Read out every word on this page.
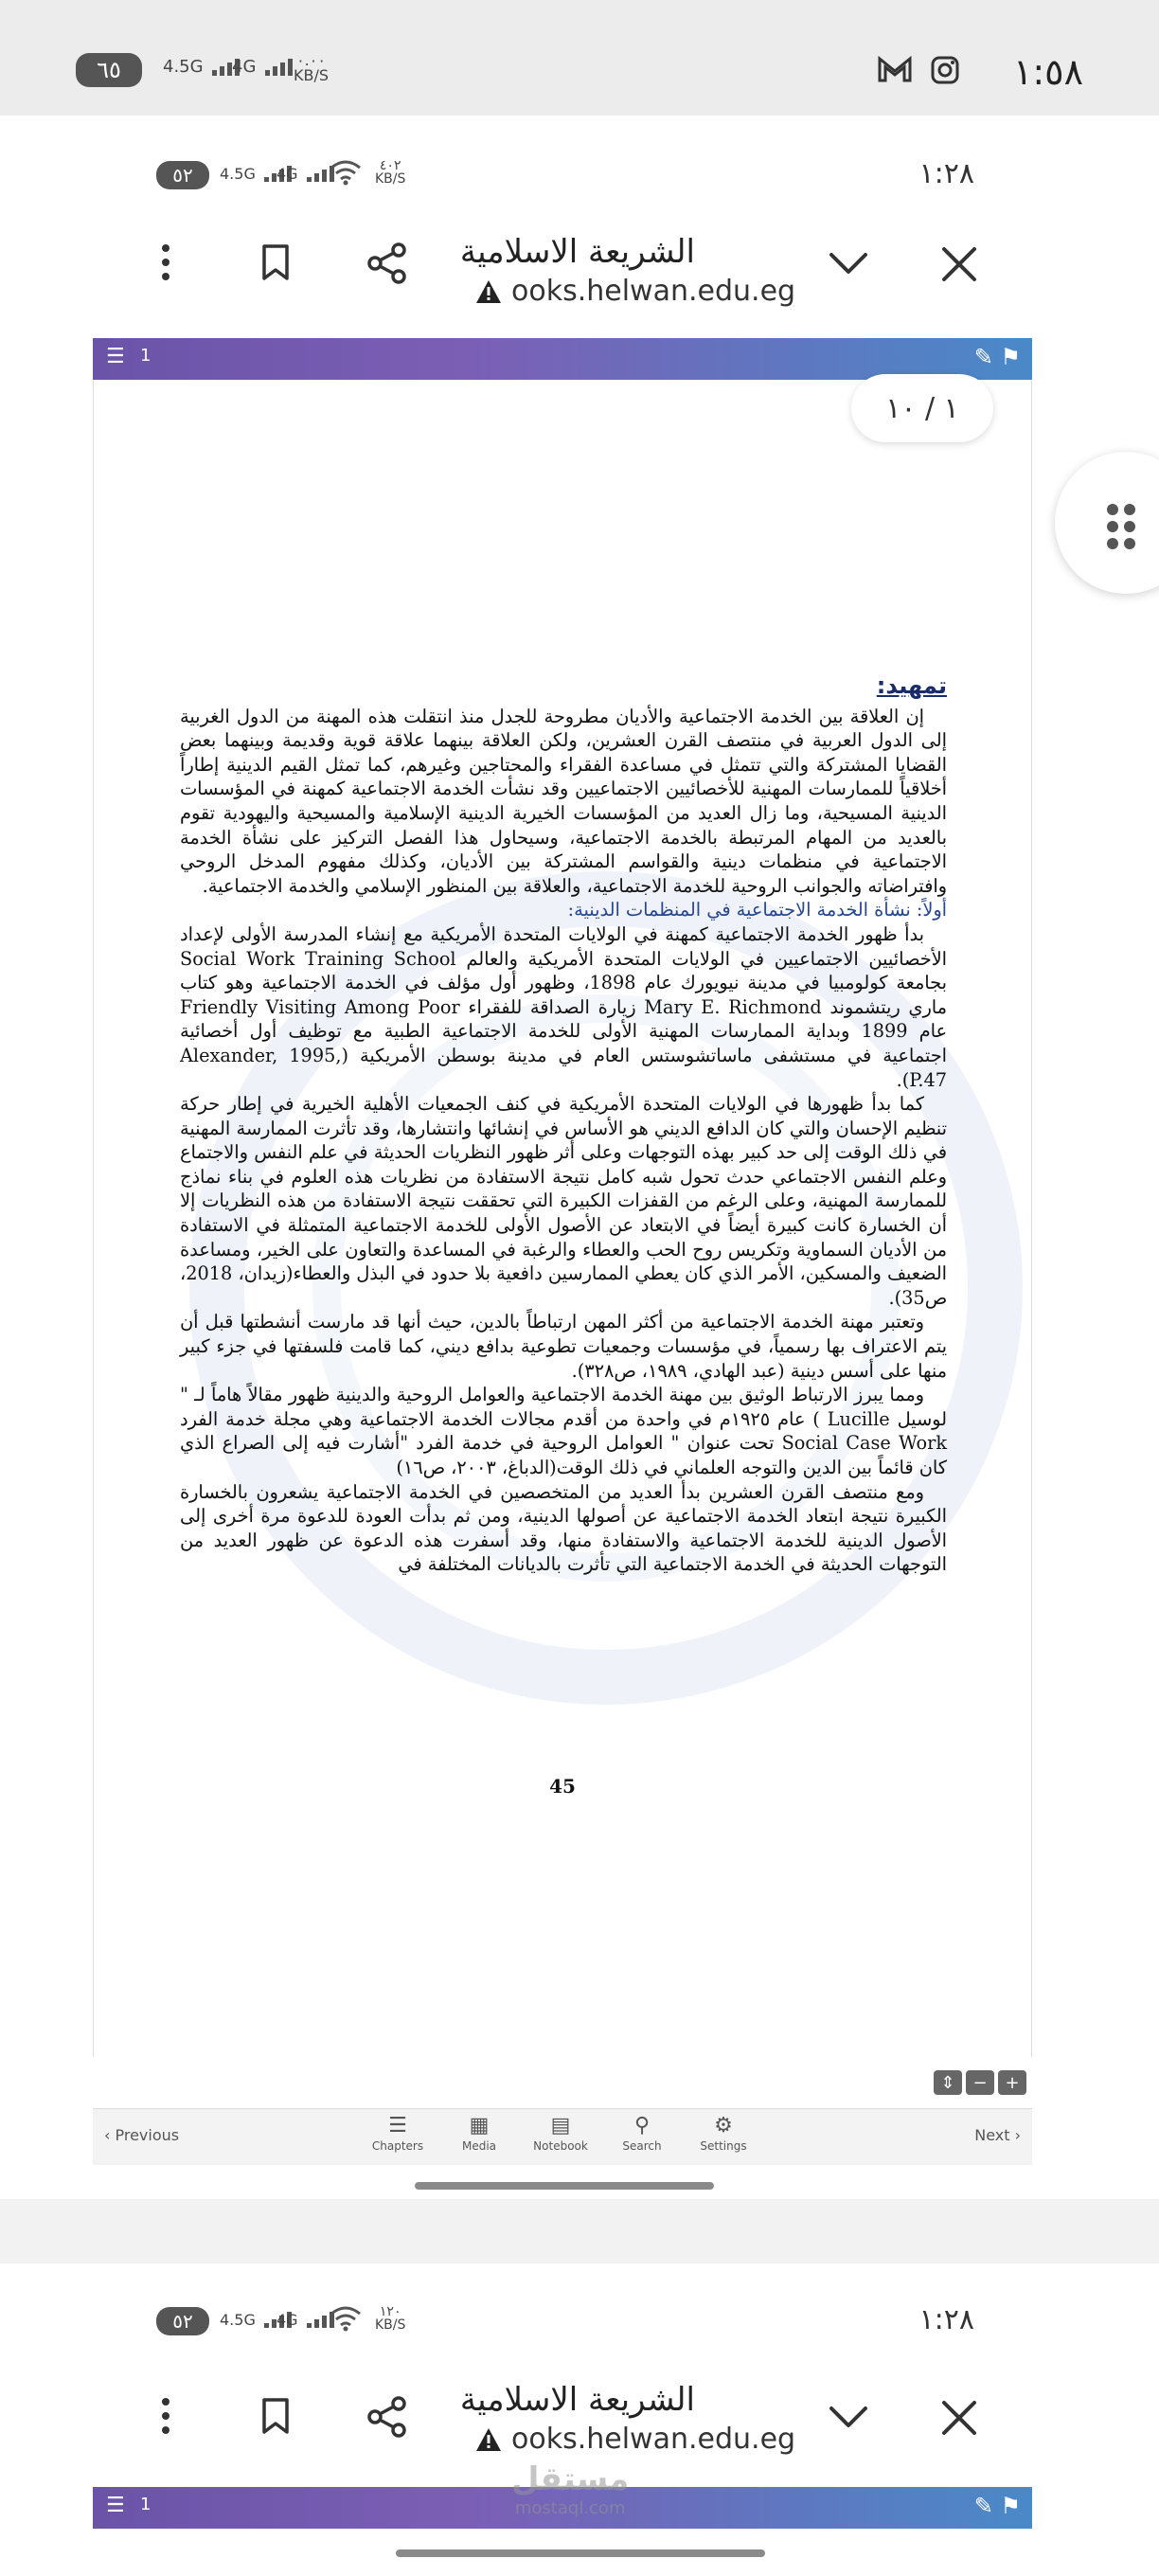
٦٥ 4.5G	4G	٠.٠٠
KB/S	١:٥٨
٥٢ 4.5G	4G	٤٠٢
KB/S	١:٢٨
الشريعة الاسلامية
ooks.helwan.edu.eg
☰ 1	✎ ⚑
١ / ١٠
تمهيد:

إن العلاقة بين الخدمة الاجتماعية والأديان مطروحة للجدل منذ انتقلت هذه المهنة من الدول الغربية إلى الدول العربية في منتصف القرن العشرين، ولكن العلاقة بينهما علاقة قوية وقديمة وبينهما بعض القضايا المشتركة والتي تتمثل في مساعدة الفقراء والمحتاجين وغيرهم، كما تمثل القيم الدينية إطاراً أخلاقياً للممارسات المهنية للأخصائيين الاجتماعيين وقد نشأت الخدمة الاجتماعية كمهنة في المؤسسات الدينية المسيحية، وما زال العديد من المؤسسات الخيرية الدينية الإسلامية والمسيحية واليهودية تقوم بالعديد من المهام المرتبطة بالخدمة الاجتماعية، وسيحاول هذا الفصل التركيز على نشأة الخدمة الاجتماعية في منظمات دينية والقواسم المشتركة بين الأديان، وكذلك مفهوم المدخل الروحي وافتراضاته والجوانب الروحية للخدمة الاجتماعية، والعلاقة بين المنظور الإسلامي والخدمة الاجتماعية.

أولاً: نشأة الخدمة الاجتماعية في المنظمات الدينية:

بدأ ظهور الخدمة الاجتماعية كمهنة في الولايات المتحدة الأمريكية مع إنشاء المدرسة الأولى لإعداد الأخصائيين الاجتماعيين في الولايات المتحدة الأمريكية والعالم Social Work Training School بجامعة كولومبيا في مدينة نيويورك عام 1898، وظهور أول مؤلف في الخدمة الاجتماعية وهو كتاب ماري ريتشموند Mary E. Richmond زيارة الصداقة للفقراء Friendly Visiting Among Poor عام 1899 وبداية الممارسات المهنية الأولى للخدمة الاجتماعية الطبية مع توظيف أول أخصائية اجتماعية في مستشفى ماساتشوستس العام في مدينة بوسطن الأمريكية (Alexander, 1995, P.47).

كما بدأ ظهورها في الولايات المتحدة الأمريكية في كنف الجمعيات الأهلية الخيرية في إطار حركة تنظيم الإحسان والتي كان الدافع الديني هو الأساس في إنشائها وانتشارها، وقد تأثرت الممارسة المهنية في ذلك الوقت إلى حد كبير بهذه التوجهات وعلى أثر ظهور النظريات الحديثة في علم النفس والاجتماع وعلم النفس الاجتماعي حدث تحول شبه كامل نتيجة الاستفادة من نظريات هذه العلوم في بناء نماذج للممارسة المهنية، وعلى الرغم من القفزات الكبيرة التي تحققت نتيجة الاستفادة من هذه النظريات إلا أن الخسارة كانت كبيرة أيضاً في الابتعاد عن الأصول الأولى للخدمة الاجتماعية المتمثلة في الاستفادة من الأديان السماوية وتكريس روح الحب والعطاء والرغبة في المساعدة والتعاون على الخير، ومساعدة الضعيف والمسكين، الأمر الذي كان يعطي الممارسين دافعية بلا حدود في البذل والعطاء(زيدان، 2018، ص35).

وتعتبر مهنة الخدمة الاجتماعية من أكثر المهن ارتباطاً بالدين، حيث أنها قد مارست أنشطتها قبل أن يتم الاعتراف بها رسمياً، في مؤسسات وجمعيات تطوعية بدافع ديني، كما قامت فلسفتها في جزء كبير منها على أسس دينية (عبد الهادي، ١٩٨٩، ص٣٢٨).

ومما يبرز الارتباط الوثيق بين مهنة الخدمة الاجتماعية والعوامل الروحية والدينية ظهور مقالاً هاماً لـ " لوسيل Lucille ) عام ١٩٢٥م في واحدة من أقدم مجالات الخدمة الاجتماعية وهي مجلة خدمة الفرد Social Case Work تحت عنوان " العوامل الروحية في خدمة الفرد "أشارت فيه إلى الصراع الذي كان قائماً بين الدين والتوجه العلماني في ذلك الوقت(الدباغ، ٢٠٠٣، ص١٦)

ومع منتصف القرن العشرين بدأ العديد من المتخصصين في الخدمة الاجتماعية يشعرون بالخسارة الكبيرة نتيجة ابتعاد الخدمة الاجتماعية عن أصولها الدينية، ومن ثم بدأت العودة للدعوة مرة أخرى إلى الأصول الدينية للخدمة الاجتماعية والاستفادة منها، وقد أسفرت هذه الدعوة عن ظهور العديد من التوجهات الحديثة في الخدمة الاجتماعية التي تأثرت بالديانات المختلفة في

45
⇕	−	+
‹ Previous	☰
Chapters
▦
Media
▤
Notebook
⚲
Search
⚙
Settings
Next ›
٥٢ 4.5G	4G	١٢٠
KB/S	١:٢٨
الشريعة الاسلامية
ooks.helwan.edu.eg
☰ 1	✎ ⚑
مستقل
mostaql.com
